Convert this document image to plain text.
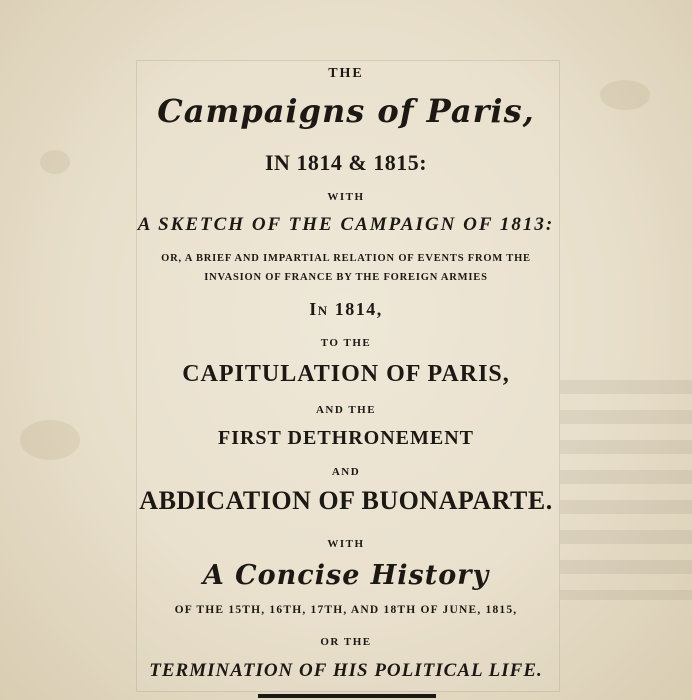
THE
Campaigns of Paris,
IN 1814 & 1815:
WITH
A SKETCH OF THE CAMPAIGN OF 1813:
OR, A BRIEF AND IMPARTIAL RELATION OF EVENTS FROM THE
INVASION OF FRANCE BY THE FOREIGN ARMIES
In 1814,
TO THE
CAPITULATION OF PARIS,
AND THE
FIRST DETHRONEMENT
AND
ABDICATION OF BUONAPARTE.
WITH
A Concise History
OF THE 15TH, 16TH, 17TH, AND 18TH OF JUNE, 1815,
OR THE
TERMINATION OF HIS POLITICAL LIFE.
